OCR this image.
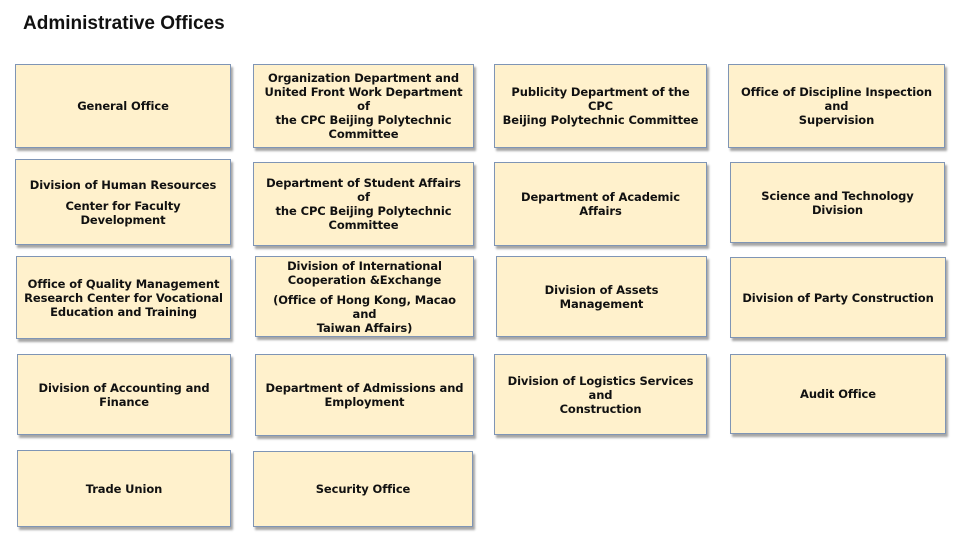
Administrative Offices
General Office
Organization Department and
United Front Work Department of
the CPC Beijing Polytechnic
Committee
Publicity Department of the CPC
Beijing Polytechnic Committee
Office of Discipline Inspection and
Supervision
Division of Human Resources
Center for Faculty Development
Department of Student Affairs of
the CPC Beijing Polytechnic
Committee
Department of Academic Affairs
Science and Technology Division
Office of Quality Management
Research Center for Vocational
Education and Training
Division of International
Cooperation &Exchange
(Office of Hong Kong, Macao and
Taiwan Affairs)
Division of Assets Management	Division of Party Construction
Division of Accounting and
Finance
Department of Admissions and
Employment
Division of Logistics Services and
Construction
Audit Office
Trade Union	Security Office
